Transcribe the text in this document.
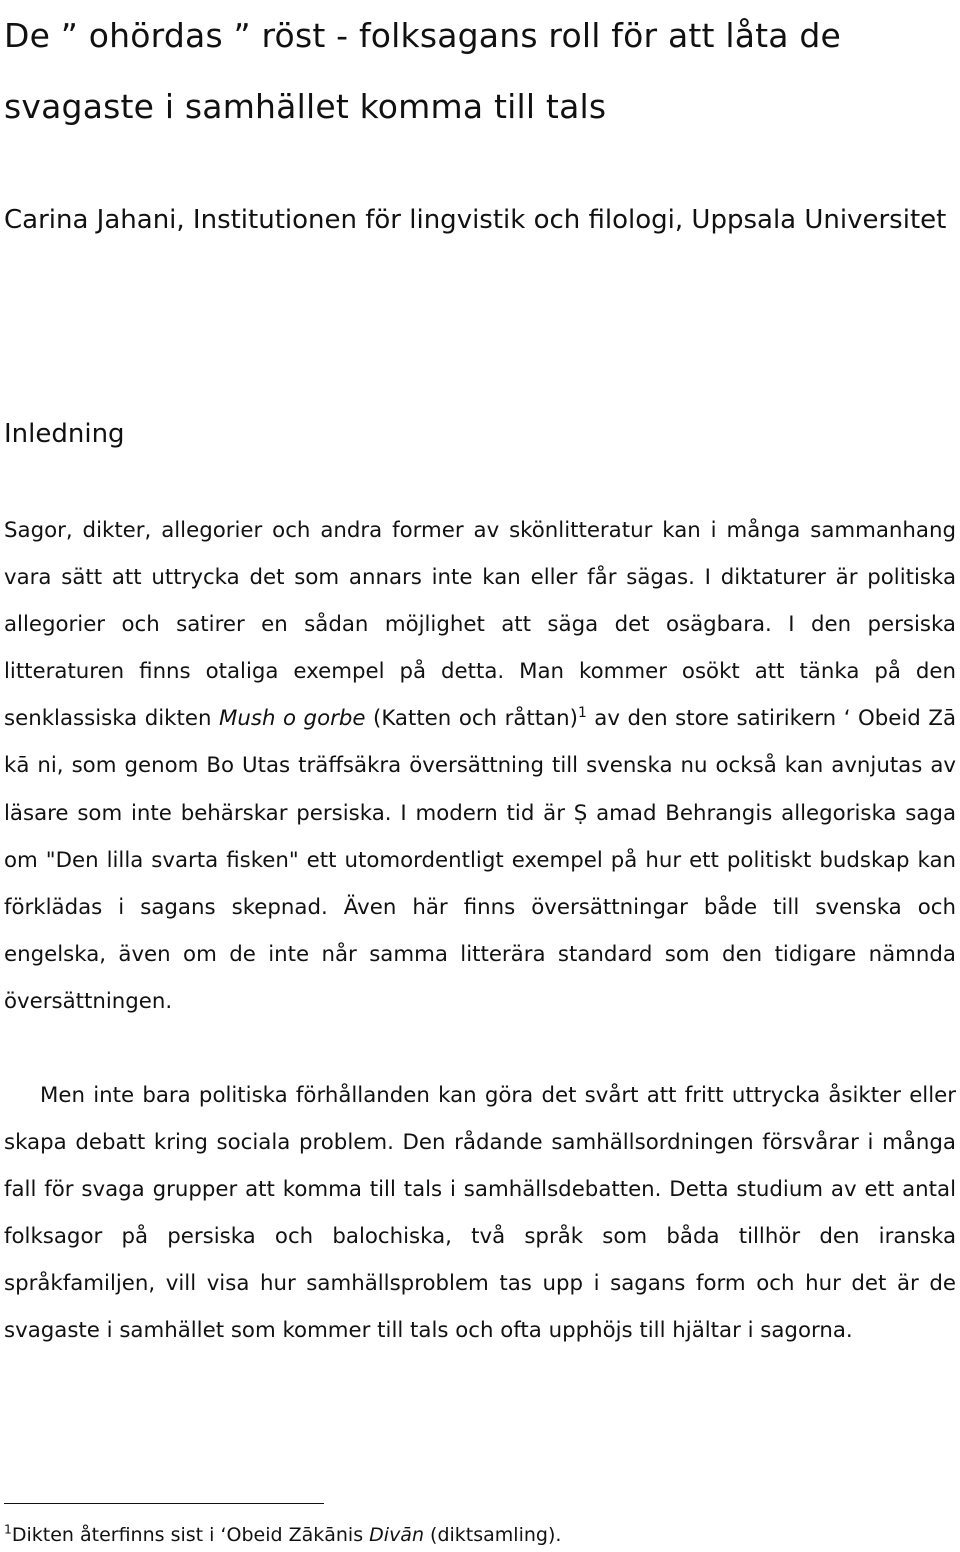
De ” ohördas ” röst - folksagans roll för att låta de svagaste i samhället komma till tals

Carina Jahani, Institutionen för lingvistik och filologi, Uppsala Universitet

Inledning

Sagor, dikter, allegorier och andra former av skönlitteratur kan i många sammanhang vara sätt att uttrycka det som annars inte kan eller får sägas. I diktaturer är politiska allegorier och satirer en sådan möjlighet att säga det osägbara. I den persiska litteraturen finns otaliga exempel på detta. Man kommer osökt att tänka på den senklassiska dikten Mush o gorbe (Katten och råttan)$^1$ av den store satirikern ‘ Obeid Zā kā ni, som genom Bo Utas träffsäkra översättning till svenska nu också kan avnjutas av läsare som inte behärskar persiska. I modern tid är Ṣ amad Behrangis allegoriska saga om "Den lilla svarta fisken" ett utomordentligt exempel på hur ett politiskt budskap kan förklädas i sagans skepnad. Även här finns översättningar både till svenska och engelska, även om de inte når samma litterära standard som den tidigare nämnda översättningen.

Men inte bara politiska förhållanden kan göra det svårt att fritt uttrycka åsikter eller skapa debatt kring sociala problem. Den rådande samhällsordningen försvårar i många fall för svaga grupper att komma till tals i samhällsdebatten. Detta studium av ett antal folksagor på persiska och balochiska, två språk som båda tillhör den iranska språkfamiljen, vill visa hur samhällsproblem tas upp i sagans form och hur det är de svagaste i samhället som kommer till tals och ofta upphöjs till hjältar i sagorna.

$^1$Dikten återfinns sist i ‘Obeid Zākānis Divān (diktsamling).
